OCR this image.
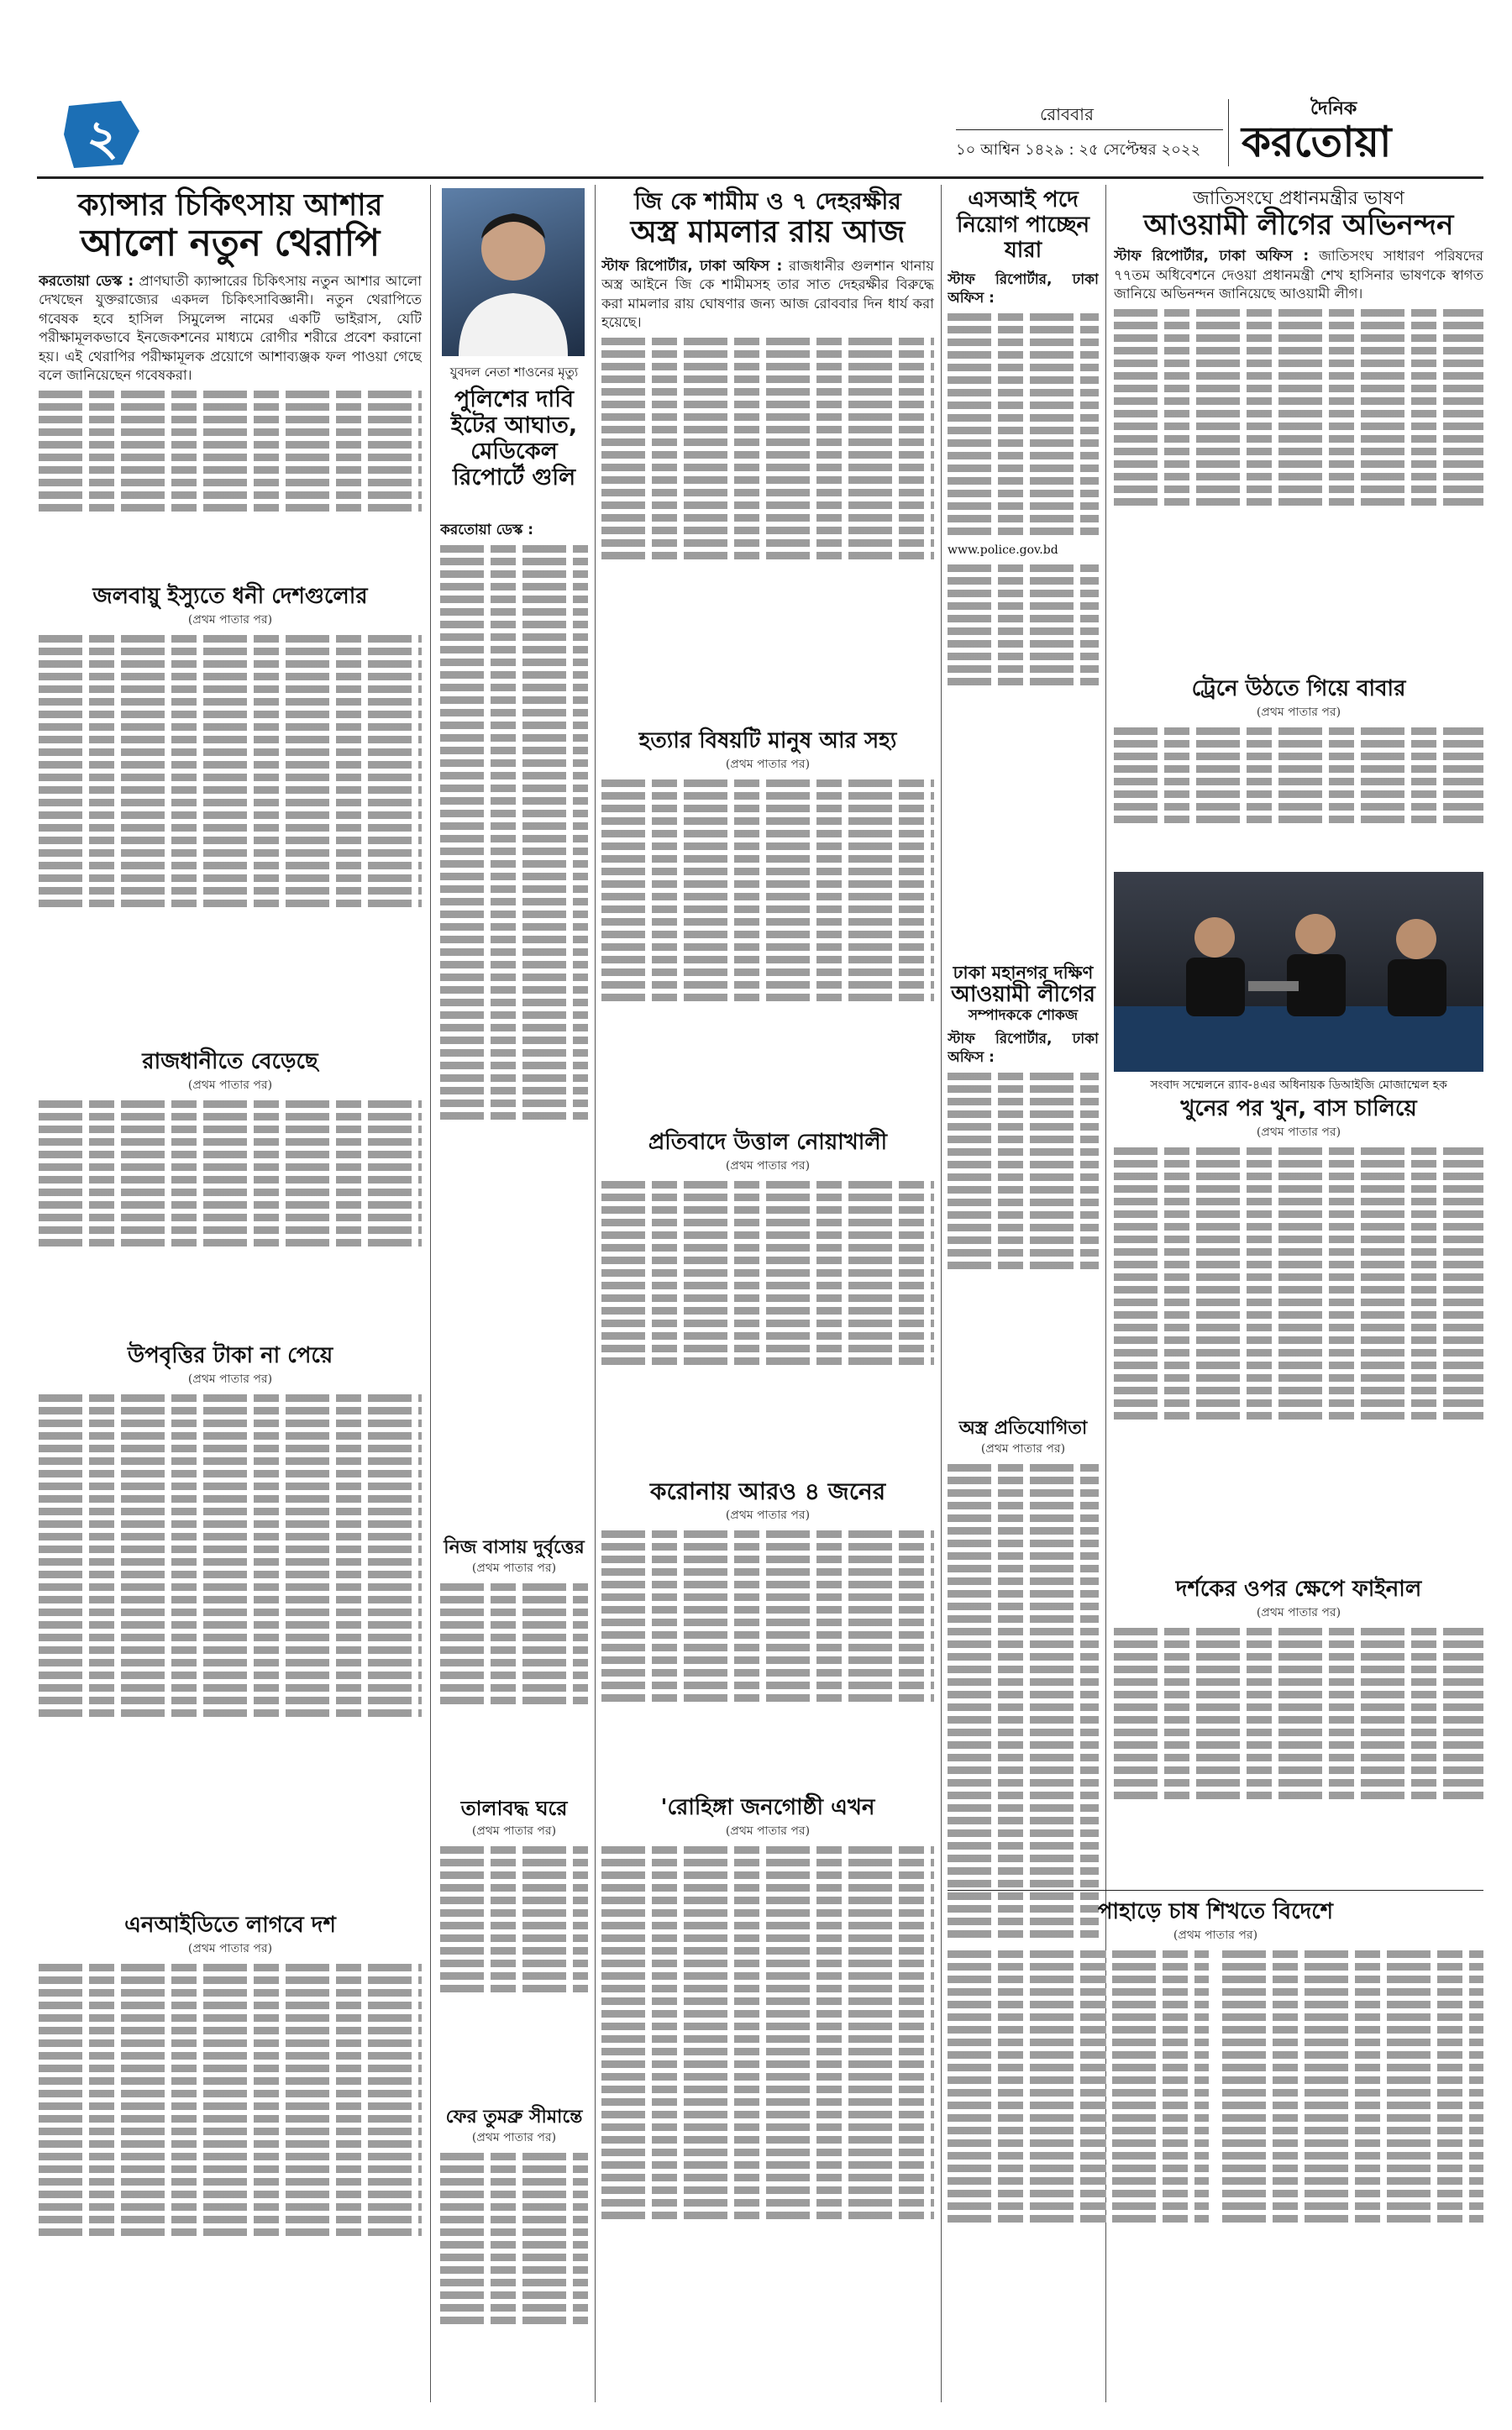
২	রোববার
১০ আশ্বিন ১৪২৯ : ২৫ সেপ্টেম্বর ২০২২
দৈনিক
করতোয়া
ক্যান্সার চিকিৎসায় আশার
আলো নতুন থেরাপি
করতোয়া ডেস্ক : প্রাণঘাতী ক্যান্সারের চিকিৎসায় নতুন আশার আলো দেখছেন যুক্তরাজ্যের একদল চিকিৎসাবিজ্ঞানী। নতুন থেরাপিতে গবেষক হবে হাসিল সিমুলেন্স নামের একটি ভাইরাস, যেটি পরীক্ষামূলকভাবে ইনজেকশনের মাধ্যমে রোগীর শরীরে প্রবেশ করানো হয়। এই থেরাপির পরীক্ষামূলক প্রয়োগে আশাব্যঞ্জক ফল পাওয়া গেছে বলে জানিয়েছেন গবেষকরা।
জলবায়ু ইস্যুতে ধনী দেশগুলোর
(প্রথম পাতার পর)
রাজধানীতে বেড়েছে
(প্রথম পাতার পর)
উপবৃত্তির টাকা না পেয়ে
(প্রথম পাতার পর)
এনআইডিতে লাগবে দশ
(প্রথম পাতার পর)
যুবদল নেতা শাওনের মৃত্যু
পুলিশের দাবি ইটের আঘাত, মেডিকেল রিপোর্টে গুলি
করতোয়া ডেস্ক :
নিজ বাসায় দুর্বৃত্তের
(প্রথম পাতার পর)
তালাবদ্ধ ঘরে
(প্রথম পাতার পর)
ফের তুমব্রু সীমান্তে
(প্রথম পাতার পর)
জি কে শামীম ও ৭ দেহরক্ষীর
অস্ত্র মামলার রায় আজ
স্টাফ রিপোর্টার, ঢাকা অফিস : রাজধানীর গুলশান থানায় অস্ত্র আইনে জি কে শামীমসহ তার সাত দেহরক্ষীর বিরুদ্ধে করা মামলার রায় ঘোষণার জন্য আজ রোববার দিন ধার্য করা হয়েছে।
হত্যার বিষয়টি মানুষ আর সহ্য
(প্রথম পাতার পর)
প্রতিবাদে উত্তাল নোয়াখালী
(প্রথম পাতার পর)
করোনায় আরও ৪ জনের
(প্রথম পাতার পর)
'রোহিঙ্গা জনগোষ্ঠী এখন
(প্রথম পাতার পর)
এসআই পদে নিয়োগ পাচ্ছেন যারা
স্টাফ রিপোর্টার, ঢাকা অফিস :
www.police.gov.bd
ঢাকা মহানগর দক্ষিণ
আওয়ামী লীগের
সম্পাদককে শোকজ
স্টাফ রিপোর্টার, ঢাকা অফিস :
অস্ত্র প্রতিযোগিতা
(প্রথম পাতার পর)
জাতিসংঘে প্রধানমন্ত্রীর ভাষণ
আওয়ামী লীগের অভিনন্দন
স্টাফ রিপোর্টার, ঢাকা অফিস : জাতিসংঘ সাধারণ পরিষদের ৭৭তম অধিবেশনে দেওয়া প্রধানমন্ত্রী শেখ হাসিনার ভাষণকে স্বাগত জানিয়ে অভিনন্দন জানিয়েছে আওয়ামী লীগ।
ট্রেনে উঠতে গিয়ে বাবার
(প্রথম পাতার পর)
সংবাদ সম্মেলনে র‌্যাব-৪এর অধিনায়ক ডিআইজি মোজাম্মেল হক
খুনের পর খুন, বাস চালিয়ে
(প্রথম পাতার পর)
দর্শকের ওপর ক্ষেপে ফাইনাল
(প্রথম পাতার পর)
পাহাড়ে চাষ শিখতে বিদেশে
(প্রথম পাতার পর)
